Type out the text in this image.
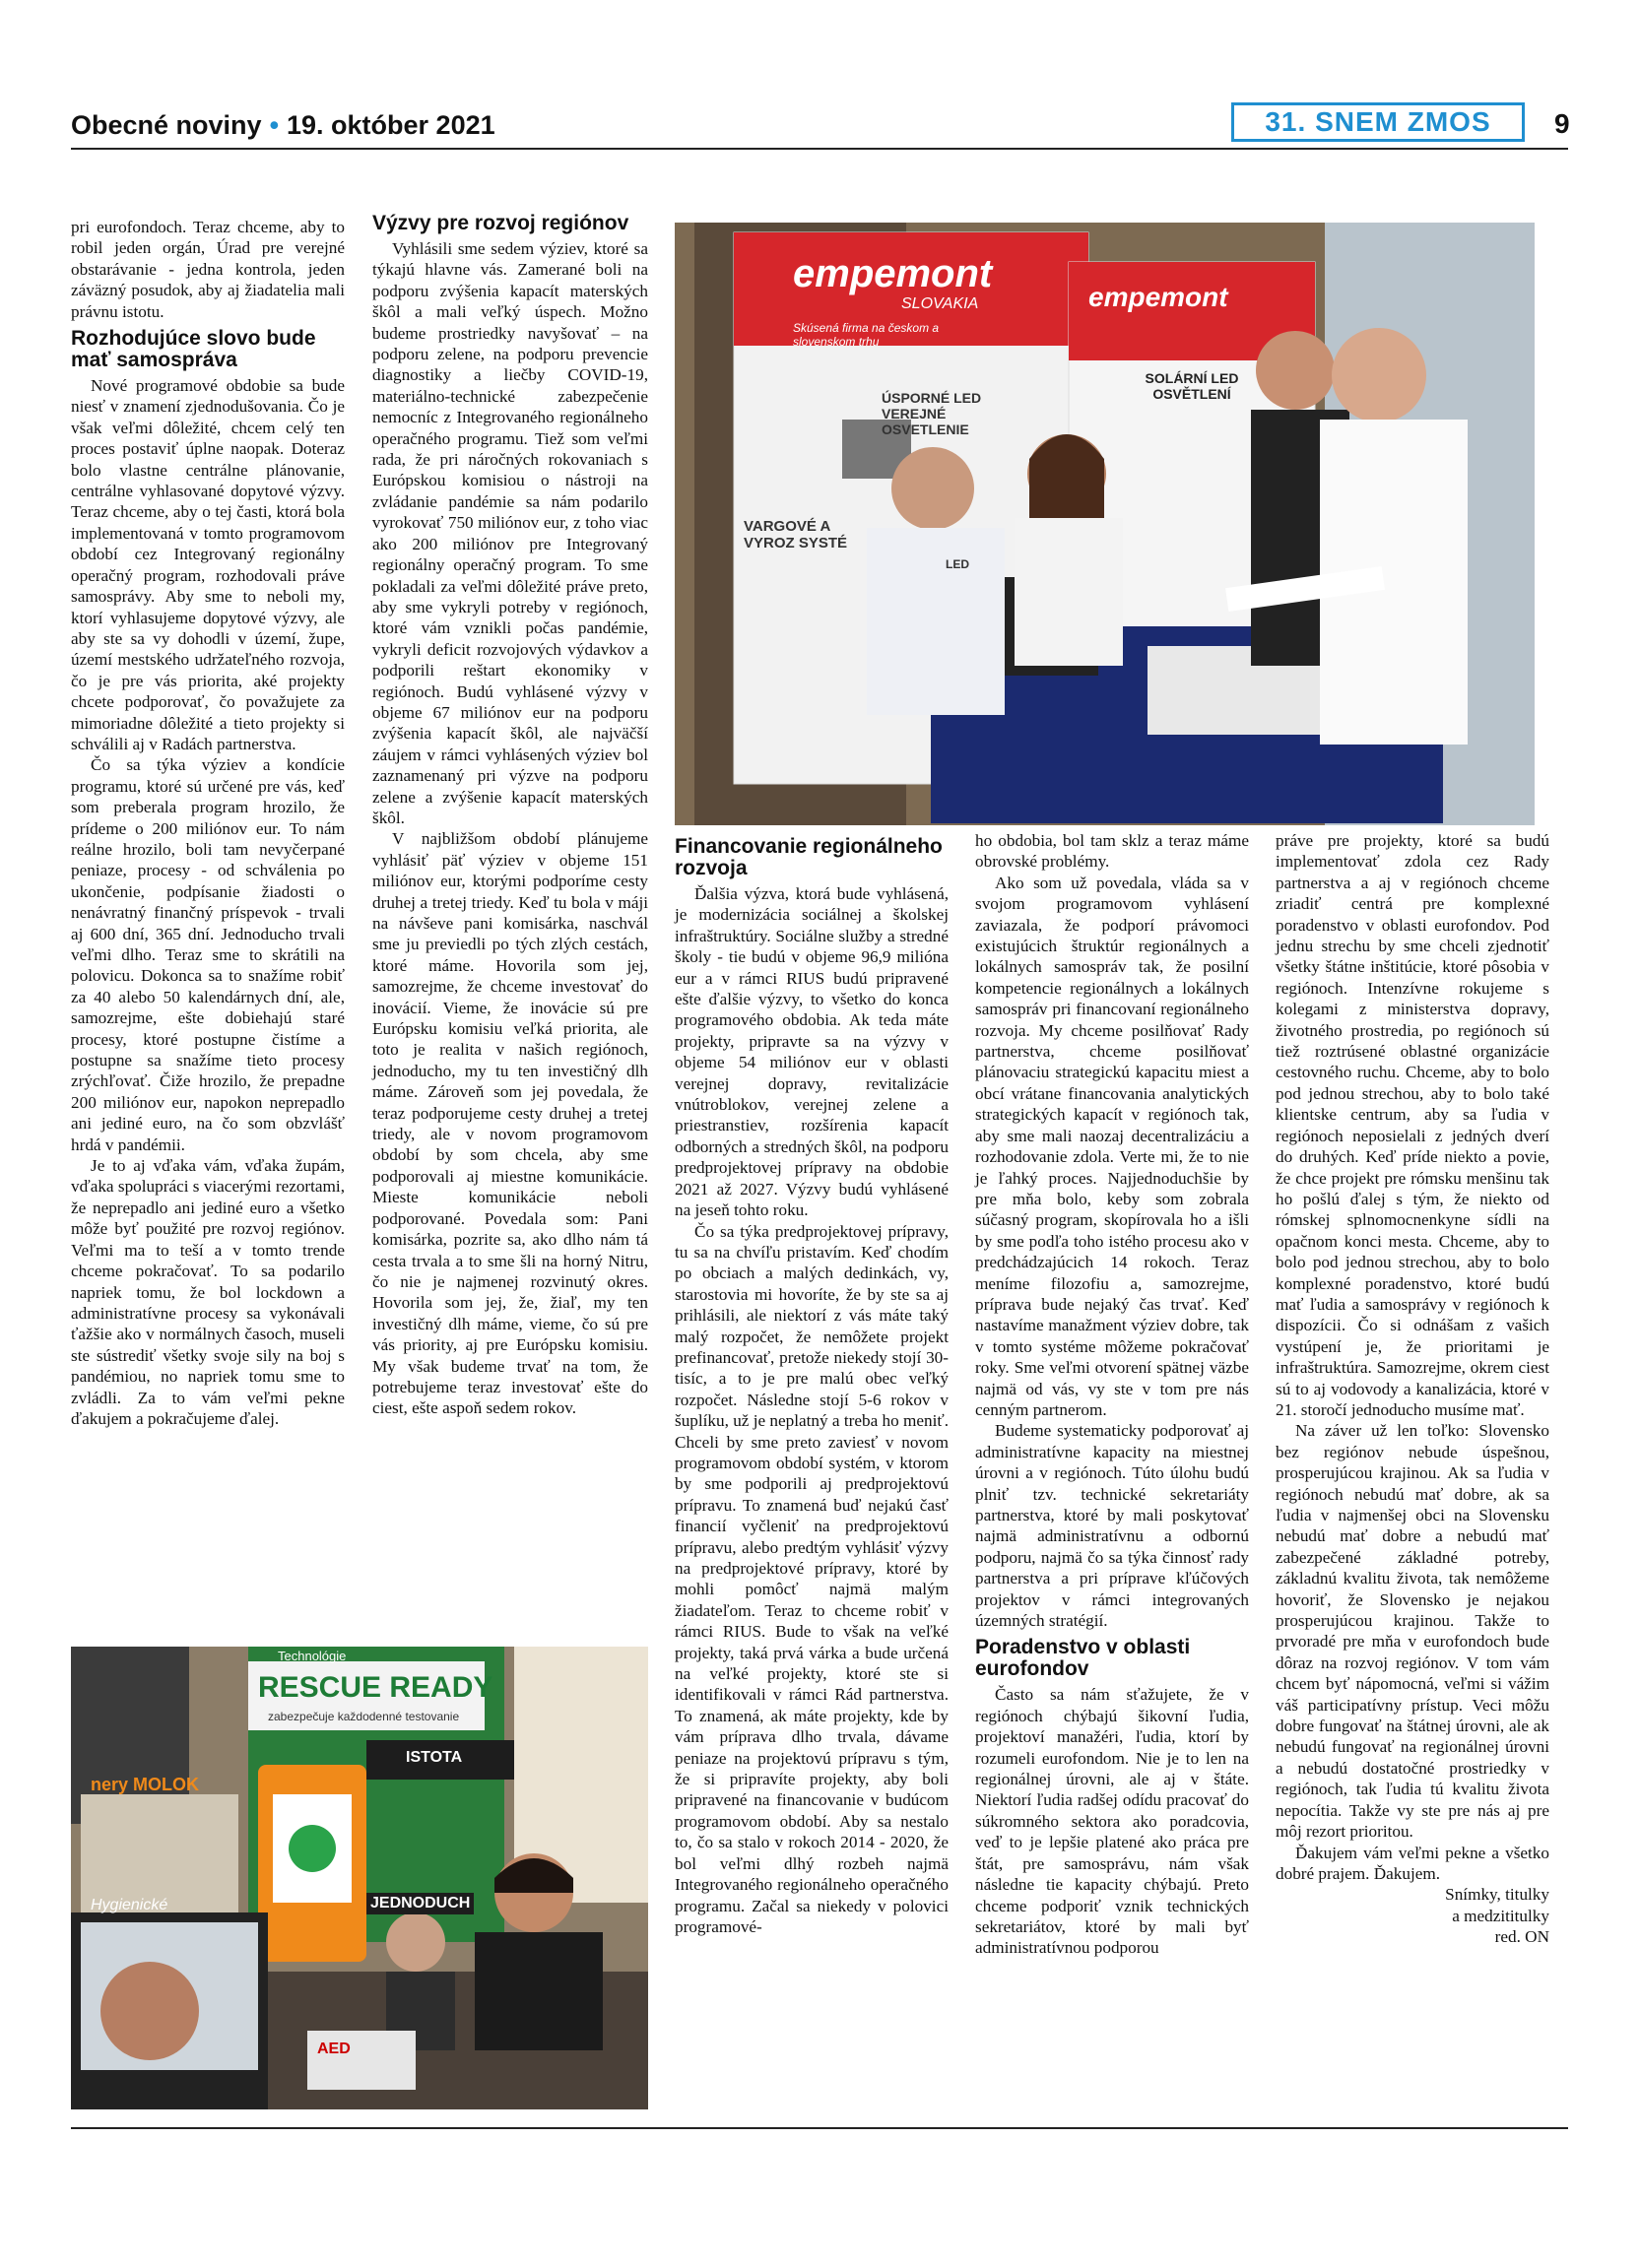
Obecné noviny • 19. október 2021	31. SNEM ZMOS	9

pri eurofondoch. Teraz chceme, aby to robil jeden orgán, Úrad pre verejné obstarávanie - jedna kontrola, jeden záväzný posudok, aby aj žiadatelia mali právnu istotu.

Rozhodujúce slovo bude mať samospráva

Nové programové obdobie sa bude niesť v znamení zjednodušovania. Čo je však veľmi dôležité, chcem celý ten proces postaviť úplne naopak. Doteraz bolo vlastne centrálne plánovanie, centrálne vyhlasované dopytové výzvy. Teraz chceme, aby o tej časti, ktorá bola implementovaná v tomto programovom období cez Integrovaný regionálny operačný program, rozhodovali práve samosprávy. Aby sme to neboli my, ktorí vyhlasujeme dopytové výzvy, ale aby ste sa vy dohodli v území, župe, území mestského udržateľného rozvoja, čo je pre vás priorita, aké projekty chcete podporovať, čo považujete za mimoriadne dôležité a tieto projekty si schválili aj v Radách partnerstva.

Čo sa týka výziev a kondície programu, ktoré sú určené pre vás, keď som preberala program hrozilo, že prídeme o 200 miliónov eur. To nám reálne hrozilo, boli tam nevyčerpané peniaze, procesy - od schválenia po ukončenie, podpísanie žiadosti o nenávratný finančný príspevok - trvali aj 600 dní, 365 dní. Jednoducho trvali veľmi dlho. Teraz sme to skrátili na polovicu. Dokonca sa to snažíme robiť za 40 alebo 50 kalendárnych dní, ale, samozrejme, ešte dobiehajú staré procesy, ktoré postupne čistíme a postupne sa snažíme tieto procesy zrýchľovať. Čiže hrozilo, že prepadne 200 miliónov eur, napokon neprepadlo ani jediné euro, na čo som obzvlášť hrdá v pandémii.

Je to aj vďaka vám, vďaka župám, vďaka spolupráci s viacerými rezortami, že neprepadlo ani jediné euro a všetko môže byť použité pre rozvoj regiónov. Veľmi ma to teší a v tomto trende chceme pokračovať. To sa podarilo napriek tomu, že bol lockdown a administratívne procesy sa vykonávali ťažšie ako v normálnych časoch, museli ste sústrediť všetky svoje sily na boj s pandémiou, no napriek tomu sme to zvládli. Za to vám veľmi pekne ďakujem a pokračujeme ďalej.

Výzvy pre rozvoj regiónov

Vyhlásili sme sedem výziev, ktoré sa týkajú hlavne vás. Zamerané boli na podporu zvýšenia kapacít materských škôl a mali veľký úspech. Možno budeme prostriedky navyšovať – na podporu zelene, na podporu prevencie diagnostiky a liečby COVID-19, materiálno-technické zabezpečenie nemocníc z Integrovaného regionálneho operačného programu. Tiež som veľmi rada, že pri náročných rokovaniach s Európskou komisiou o nástroji na zvládanie pandémie sa nám podarilo vyrokovať 750 miliónov eur, z toho viac ako 200 miliónov pre Integrovaný regionálny operačný program. To sme pokladali za veľmi dôležité práve preto, aby sme vykryli potreby v regiónoch, ktoré vám vznikli počas pandémie, vykryli deficit rozvojových výdavkov a podporili reštart ekonomiky v regiónoch. Budú vyhlásené výzvy v objeme 67 miliónov eur na podporu zvýšenia kapacít škôl, ale najväčší záujem v rámci vyhlásených výziev bol zaznamenaný pri výzve na podporu zelene a zvýšenie kapacít materských škôl.

V najbližšom období plánujeme vyhlásiť päť výziev v objeme 151 miliónov eur, ktorými podporíme cesty druhej a tretej triedy. Keď tu bola v máji na návševe pani komisárka, naschvál sme ju previedli po tých zlých cestách, ktoré máme. Hovorila som jej, samozrejme, že chceme investovať do inovácií. Vieme, že inovácie sú pre Európsku komisiu veľká priorita, ale toto je realita v našich regiónoch, jednoducho, my tu ten investičný dlh máme. Zároveň som jej povedala, že teraz podporujeme cesty druhej a tretej triedy, ale v novom programovom období by som chcela, aby sme podporovali aj miestne komunikácie. Mieste komunikácie neboli podporované. Povedala som: Pani komisárka, pozrite sa, ako dlho nám tá cesta trvala a to sme šli na horný Nitru, čo nie je najmenej rozvinutý okres. Hovorila som jej, že, žiaľ, my ten investičný dlh máme, vieme, čo sú pre vás priority, aj pre Európsku komisiu. My však budeme trvať na tom, že potrebujeme teraz investovať ešte do ciest, ešte aspoň sedem rokov.

empemont
SLOVAKIA
Skúsená firma na českom a slovenskom trhu
ÚSPORNÉ LED VEREJNÉ OSVETLENIE
empemont
SOLÁRNÍ LED OSVĚTLENÍ
VARGOVÉ A VYROZ SYSTÉ
LED
Financovanie regionálneho rozvoja

Ďalšia výzva, ktorá bude vyhlásená, je modernizácia sociálnej a školskej infraštruktúry. Sociálne služby a stredné školy - tie budú v objeme 96,9 milióna eur a v rámci RIUS budú pripravené ešte ďalšie výzvy, to všetko do konca programového obdobia. Ak teda máte projekty, pripravte sa na výzvy v objeme 54 miliónov eur v oblasti verejnej dopravy, revitalizácie vnútroblokov, verejnej zelene a priestranstiev, rozšírenia kapacít odborných a stredných škôl, na podporu predprojektovej prípravy na obdobie 2021 až 2027. Výzvy budú vyhlásené na jeseň tohto roku.

Čo sa týka predprojektovej prípravy, tu sa na chvíľu pristavím. Keď chodím po obciach a malých dedinkách, vy, starostovia mi hovoríte, že by ste sa aj prihlásili, ale niektorí z vás máte taký malý rozpočet, že nemôžete projekt prefinancovať, pretože niekedy stojí 30-tisíc, a to je pre malú obec veľký rozpočet. Následne stojí 5-6 rokov v šuplíku, už je neplatný a treba ho meniť. Chceli by sme preto zaviesť v novom programovom období systém, v ktorom by sme podporili aj predprojektovú prípravu. To znamená buď nejakú časť financií vyčleniť na predprojektovú prípravu, alebo predtým vyhlásiť výzvy na predprojektové prípravy, ktoré by mohli pomôcť najmä malým žiadateľom. Teraz to chceme robiť v rámci RIUS. Bude to však na veľké projekty, taká prvá várka a bude určená na veľké projekty, ktoré ste si identifikovali v rámci Rád partnerstva. To znamená, ak máte projekty, kde by vám príprava dlho trvala, dávame peniaze na projektovú prípravu s tým, že si pripravíte projekty, aby boli pripravené na financovanie v budúcom programovom období. Aby sa nestalo to, čo sa stalo v rokoch 2014 - 2020, že bol veľmi dlhý rozbeh najmä Integrovaného regionálneho operačného programu. Začal sa niekedy v polovici programové-

ho obdobia, bol tam sklz a teraz máme obrovské problémy.

Ako som už povedala, vláda sa v svojom programovom vyhlásení zaviazala, že podporí právomoci existujúcich štruktúr regionálnych a lokálnych samospráv tak, že posilní kompetencie regionálnych a lokálnych samospráv pri financovaní regionálneho rozvoja. My chceme posilňovať Rady partnerstva, chceme posilňovať plánovaciu strategickú kapacitu miest a obcí vrátane financovania analytických strategických kapacít v regiónoch tak, aby sme mali naozaj decentralizáciu a rozhodovanie zdola. Verte mi, že to nie je ľahký proces. Najjednoduchšie by pre mňa bolo, keby som zobrala súčasný program, skopírovala ho a išli by sme podľa toho istého procesu ako v predchádzajúcich 14 rokoch. Teraz meníme filozofiu a, samozrejme, príprava bude nejaký čas trvať. Keď nastavíme manažment výziev dobre, tak v tomto systéme môžeme pokračovať roky. Sme veľmi otvorení spätnej väzbe najmä od vás, vy ste v tom pre nás cenným partnerom.

Budeme systematicky podporovať aj administratívne kapacity na miestnej úrovni a v regiónoch. Túto úlohu budú plniť tzv. technické sekretariáty partnerstva, ktoré by mali poskytovať najmä administratívnu a odbornú podporu, najmä čo sa týka činnosť rady partnerstva a pri príprave kľúčových projektov v rámci integrovaných územných stratégií.

Poradenstvo v oblasti eurofondov

Často sa nám sťažujete, že v regiónoch chýbajú šikovní ľudia, projektoví manažéri, ľudia, ktorí by rozumeli eurofondom. Nie je to len na regionálnej úrovni, ale aj v štáte. Niektorí ľudia radšej odídu pracovať do súkromného sektora ako poradcovia, veď to je lepšie platené ako práca pre štát, pre samosprávu, nám však následne tie kapacity chýbajú. Preto chceme podporiť vznik technických sekretariátov, ktoré by mali byť administratívnou podporou

práve pre projekty, ktoré sa budú implementovať zdola cez Rady partnerstva a aj v regiónoch chceme zriadiť centrá pre komplexné poradenstvo v oblasti eurofondov. Pod jednu strechu by sme chceli zjednotiť všetky štátne inštitúcie, ktoré pôsobia v regiónoch. Intenzívne rokujeme s kolegami z ministerstva dopravy, životného prostredia, po regiónoch sú tiež roztrúsené oblastné organizácie cestovného ruchu. Chceme, aby to bolo pod jednou strechou, aby to bolo také klientske centrum, aby sa ľudia v regiónoch neposielali z jedných dverí do druhých. Keď príde niekto a povie, že chce projekt pre rómsku menšinu tak ho pošlú ďalej s tým, že niekto od rómskej splnomocnenkyne sídli na opačnom konci mesta. Chceme, aby to bolo pod jednou strechou, aby to bolo komplexné poradenstvo, ktoré budú mať ľudia a samosprávy v regiónoch k dispozícii. Čo si odnášam z vašich vystúpení je, že prioritami je infraštruktúra. Samozrejme, okrem ciest sú to aj vodovody a kanalizácia, ktoré v 21. storočí jednoducho musíme mať.

Na záver už len toľko: Slovensko bez regiónov nebude úspešnou, prosperujúcou krajinou. Ak sa ľudia v regiónoch nebudú mať dobre, ak sa ľudia v najmenšej obci na Slovensku nebudú mať dobre a nebudú mať zabezpečené základné potreby, základnú kvalitu života, tak nemôžeme hovoriť, že Slovensko je nejakou prosperujúcou krajinou. Takže to prvoradé pre mňa v eurofondoch bude dôraz na rozvoj regiónov. V tom vám chcem byť nápomocná, veľmi si vážim váš participatívny prístup. Veci môžu dobre fungovať na štátnej úrovni, ale ak nebudú fungovať na regionálnej úrovni a nebudú dostatočné prostriedky v regiónoch, tak ľudia tú kvalitu života nepocítia. Takže vy ste pre nás aj pre môj rezort prioritou.

Ďakujem vám veľmi pekne a všetko dobré prajem. Ďakujem.

Snímky, titulky

a medzititulky

red. ON

Technológie
RESCUE READY
zabezpečuje každodenné testovanie
nery MOLOK
ISTOTA
AED
JEDNODUCH
Hygienické
AED
